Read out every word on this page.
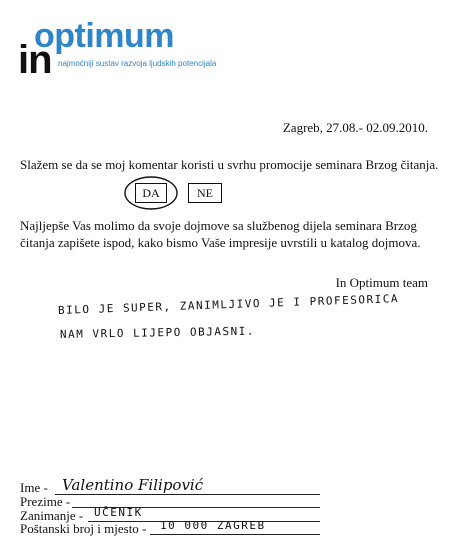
optimum
in najmoćniji sustav razvoja ljudskih potencijala
Zagreb, 27.08.- 02.09.2010.
Slažem se da se moj komentar koristi u svrhu promocije seminara Brzog čitanja.
DA	NE
Najljepše Vas molimo da svoje dojmove sa službenog dijela seminara Brzog
čitanja zapišete ispod, kako bismo Vaše impresije uvrstili u katalog dojmova.
In Optimum team
BILO JE SUPER, ZANIMLJIVO JE I PROFESORICA
NAM VRLO LIJEPO OBJASNI.
Ime - Valentino Filipović
Prezime -
Zanimanje - UČENIK
Poštanski broj i mjesto - 10 000 ZAGREB
